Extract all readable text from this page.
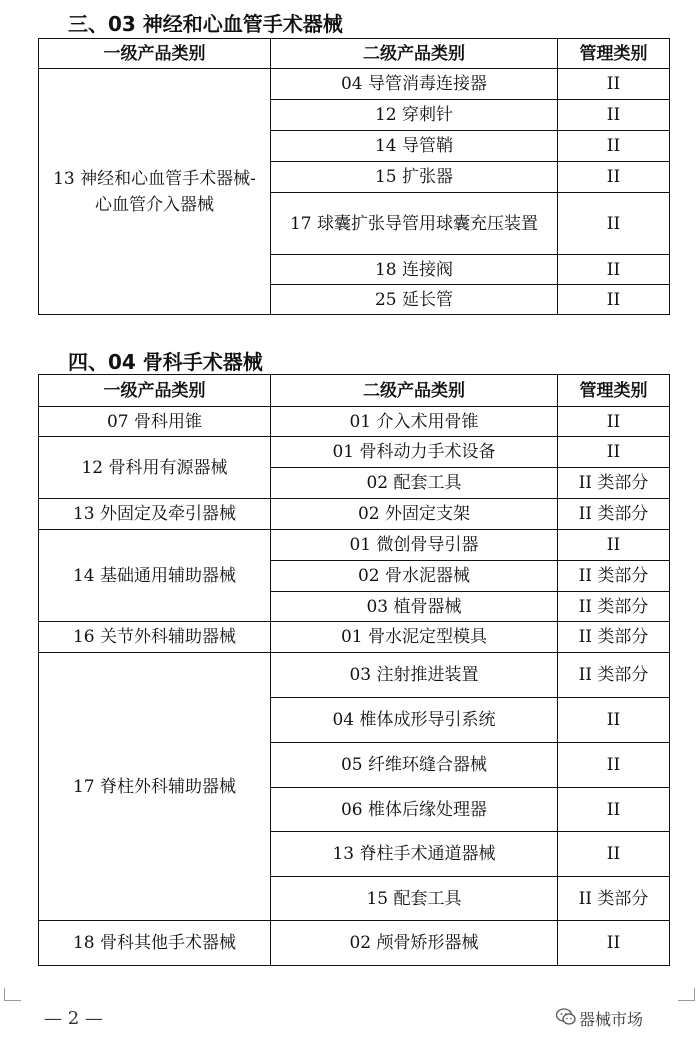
三、03 神经和心血管手术器械
一级产品类别	二级产品类别	管理类别
13 神经和心血管手术器械-心血管介入器械	04 导管消毒连接器	II
	12 穿刺针	II
	14 导管鞘	II
	15 扩张器	II
	17 球囊扩张导管用球囊充压装置	II
	18 连接阀	II
	25 延长管	II
四、04 骨科手术器械
一级产品类别	二级产品类别	管理类别
07 骨科用锥	01 介入术用骨锥	II
12 骨科用有源器械	01 骨科动力手术设备	II
	02 配套工具	II 类部分
13 外固定及牵引器械	02 外固定支架	II 类部分
14 基础通用辅助器械	01 微创骨导引器	II
	02 骨水泥器械	II 类部分
	03 植骨器械	II 类部分
16 关节外科辅助器械	01 骨水泥定型模具	II 类部分
17 脊柱外科辅助器械	03 注射推进装置	II 类部分
	04 椎体成形导引系统	II
	05 纤维环缝合器械	II
	06 椎体后缘处理器	II
	13 脊柱手术通道器械	II
	15 配套工具	II 类部分
18 骨科其他手术器械	02 颅骨矫形器械	II
— 2 —	器械市场
